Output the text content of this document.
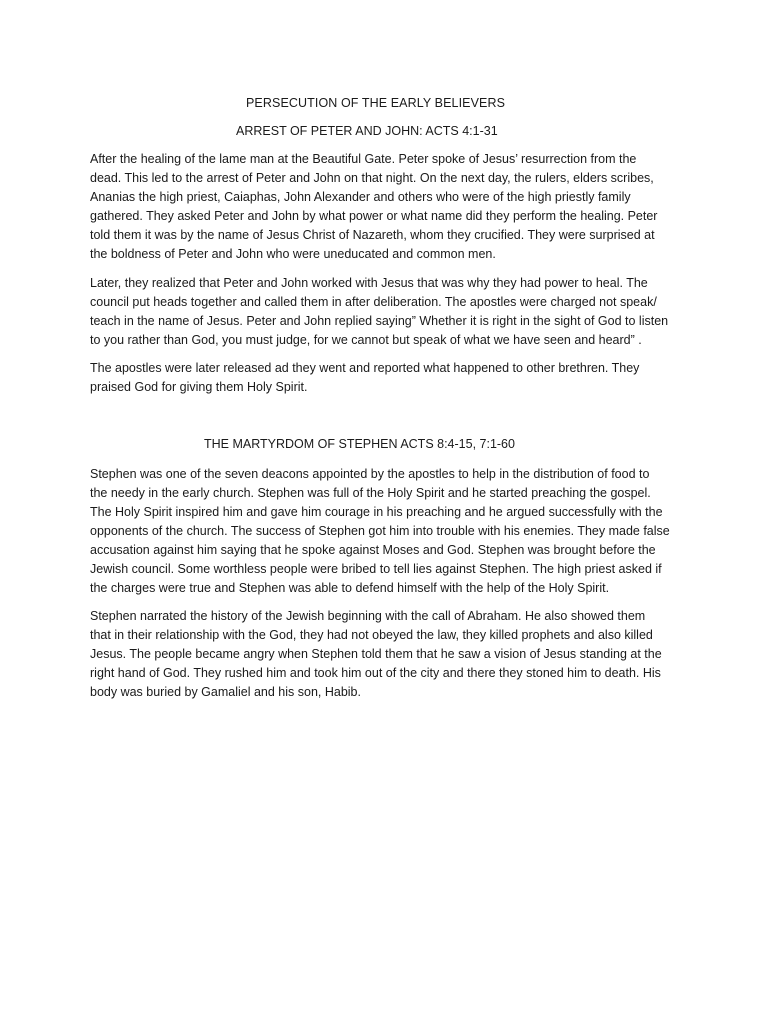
PERSECUTION OF THE EARLY BELIEVERS
ARREST OF PETER AND JOHN: ACTS 4:1-31

After the healing of the lame man at the Beautiful Gate. Peter spoke of Jesus’ resurrection from the
dead. This led to the arrest of Peter and John on that night. On the next day, the rulers, elders scribes,
Ananias the high priest, Caiaphas, John Alexander and others who were of the high priestly family
gathered. They asked Peter and John by what power or what name did they perform the healing. Peter
told them it was by the name of Jesus Christ of Nazareth, whom they crucified. They were surprised at
the boldness of Peter and John who were uneducated and common men.

Later, they realized that Peter and John worked with Jesus that was why they had power to heal. The
council put heads together and called them in after deliberation. The apostles were charged not speak/
teach in the name of Jesus. Peter and John replied saying” Whether it is right in the sight of God to listen
to you rather than God, you must judge, for we cannot but speak of what we have seen and heard” .

The apostles were later released ad they went and reported what happened to other brethren. They
praised God for giving them Holy Spirit.

THE MARTYRDOM OF STEPHEN ACTS 8:4-15, 7:1-60

Stephen was one of the seven deacons appointed by the apostles to help in the distribution of food to
the needy in the early church. Stephen was full of the Holy Spirit and he started preaching the gospel.
The Holy Spirit inspired him and gave him courage in his preaching and he argued successfully with the
opponents of the church. The success of Stephen got him into trouble with his enemies. They made false
accusation against him saying that he spoke against Moses and God. Stephen was brought before the
Jewish council. Some worthless people were bribed to tell lies against Stephen. The high priest asked if
the charges were true and Stephen was able to defend himself with the help of the Holy Spirit.

Stephen narrated the history of the Jewish beginning with the call of Abraham. He also showed them
that in their relationship with the God, they had not obeyed the law, they killed prophets and also killed
Jesus. The people became angry when Stephen told them that he saw a vision of Jesus standing at the
right hand of God. They rushed him and took him out of the city and there they stoned him to death. His
body was buried by Gamaliel and his son, Habib.
